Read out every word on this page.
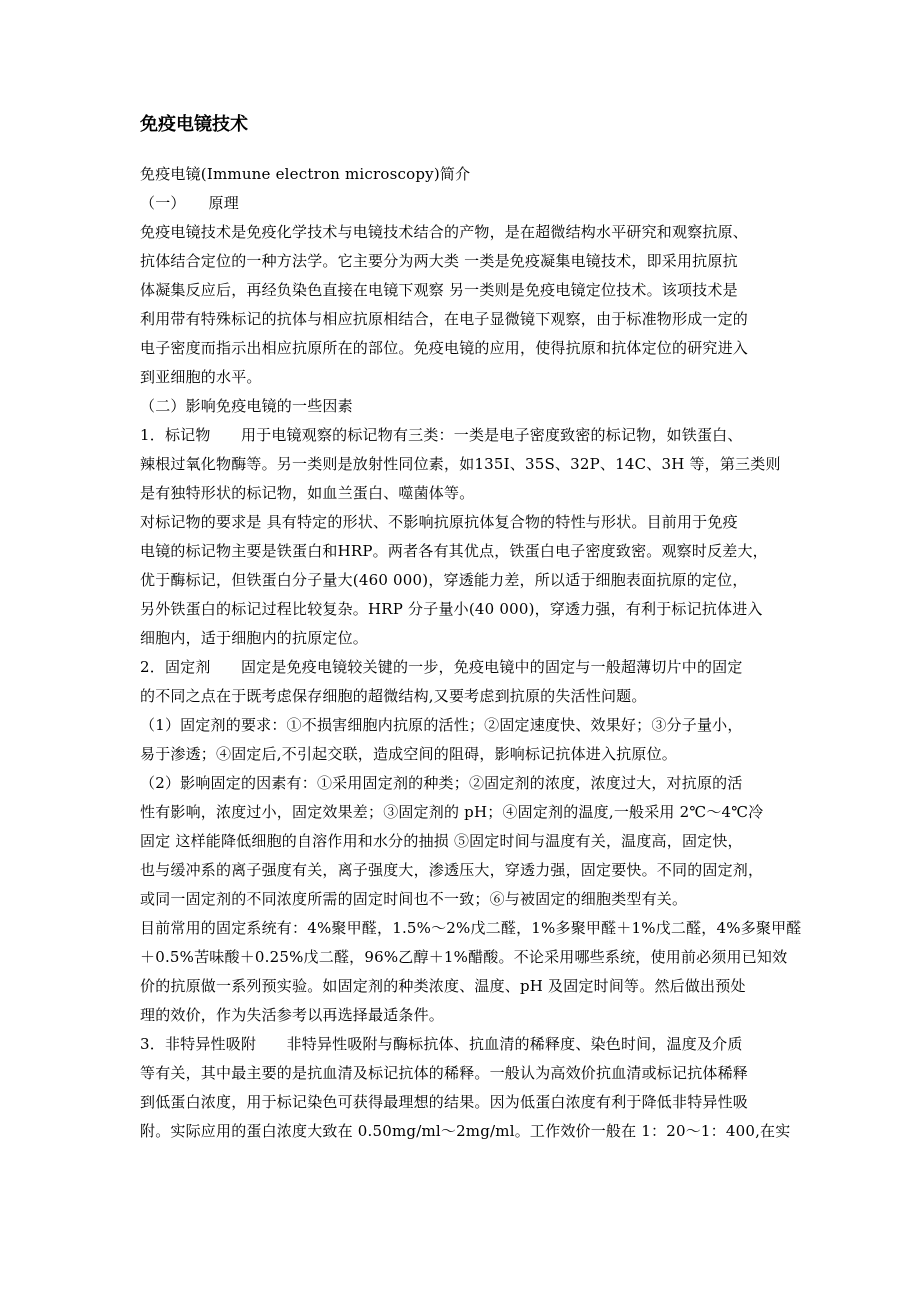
免疫电镜技术
免疫电镜(Immune electron microscopy)简介
（一）　　原理
免疫电镜技术是免疫化学技术与电镜技术结合的产物，是在超微结构水平研究和观察抗原、
抗体结合定位的一种方法学。它主要分为两大类 一类是免疫凝集电镜技术，即采用抗原抗
体凝集反应后，再经负染色直接在电镜下观察 另一类则是免疫电镜定位技术。该项技术是
利用带有特殊标记的抗体与相应抗原相结合，在电子显微镜下观察，由于标准物形成一定的
电子密度而指示出相应抗原所在的部位。免疫电镜的应用，使得抗原和抗体定位的研究进入
到亚细胞的水平。
（二）影响免疫电镜的一些因素
1．标记物　　用于电镜观察的标记物有三类：一类是电子密度致密的标记物，如铁蛋白、
辣根过氧化物酶等。另一类则是放射性同位素，如135I、35S、32P、14C、3H 等，第三类则
是有独特形状的标记物，如血兰蛋白、噬菌体等。
对标记物的要求是 具有特定的形状、不影响抗原抗体复合物的特性与形状。目前用于免疫
电镜的标记物主要是铁蛋白和HRP。两者各有其优点，铁蛋白电子密度致密。观察时反差大，
优于酶标记，但铁蛋白分子量大(460 000)，穿透能力差，所以适于细胞表面抗原的定位，
另外铁蛋白的标记过程比较复杂。HRP 分子量小(40 000)，穿透力强，有利于标记抗体进入
细胞内，适于细胞内的抗原定位。
2．固定剂　　固定是免疫电镜较关键的一步，免疫电镜中的固定与一般超薄切片中的固定
的不同之点在于既考虑保存细胞的超微结构,又要考虑到抗原的失活性问题。
（1）固定剂的要求：①不损害细胞内抗原的活性；②固定速度快、效果好；③分子量小，
易于渗透；④固定后,不引起交联，造成空间的阻碍，影响标记抗体进入抗原位。
（2）影响固定的因素有：①采用固定剂的种类；②固定剂的浓度，浓度过大，对抗原的活
性有影响，浓度过小，固定效果差；③固定剂的 pH；④固定剂的温度,一般采用 2℃～4℃冷
固定 这样能降低细胞的自溶作用和水分的抽损 ⑤固定时间与温度有关，温度高，固定快，
也与缓冲系的离子强度有关，离子强度大，渗透压大，穿透力强，固定要快。不同的固定剂，
或同一固定剂的不同浓度所需的固定时间也不一致；⑥与被固定的细胞类型有关。
目前常用的固定系统有：4%聚甲醛，1.5%～2%戊二醛，1%多聚甲醛＋1%戊二醛，4%多聚甲醛
＋0.5%苦味酸＋0.25%戊二醛，96%乙醇＋1%醋酸。不论采用哪些系统，使用前必须用已知效
价的抗原做一系列预实验。如固定剂的种类浓度、温度、pH 及固定时间等。然后做出预处
理的效价，作为失活参考以再选择最适条件。
3．非特异性吸附　　非特异性吸附与酶标抗体、抗血清的稀释度、染色时间，温度及介质
等有关，其中最主要的是抗血清及标记抗体的稀释。一般认为高效价抗血清或标记抗体稀释
到低蛋白浓度，用于标记染色可获得最理想的结果。因为低蛋白浓度有利于降低非特异性吸
附。实际应用的蛋白浓度大致在 0.50mg/ml～2mg/ml。工作效价一般在 1：20～1：400,在实
